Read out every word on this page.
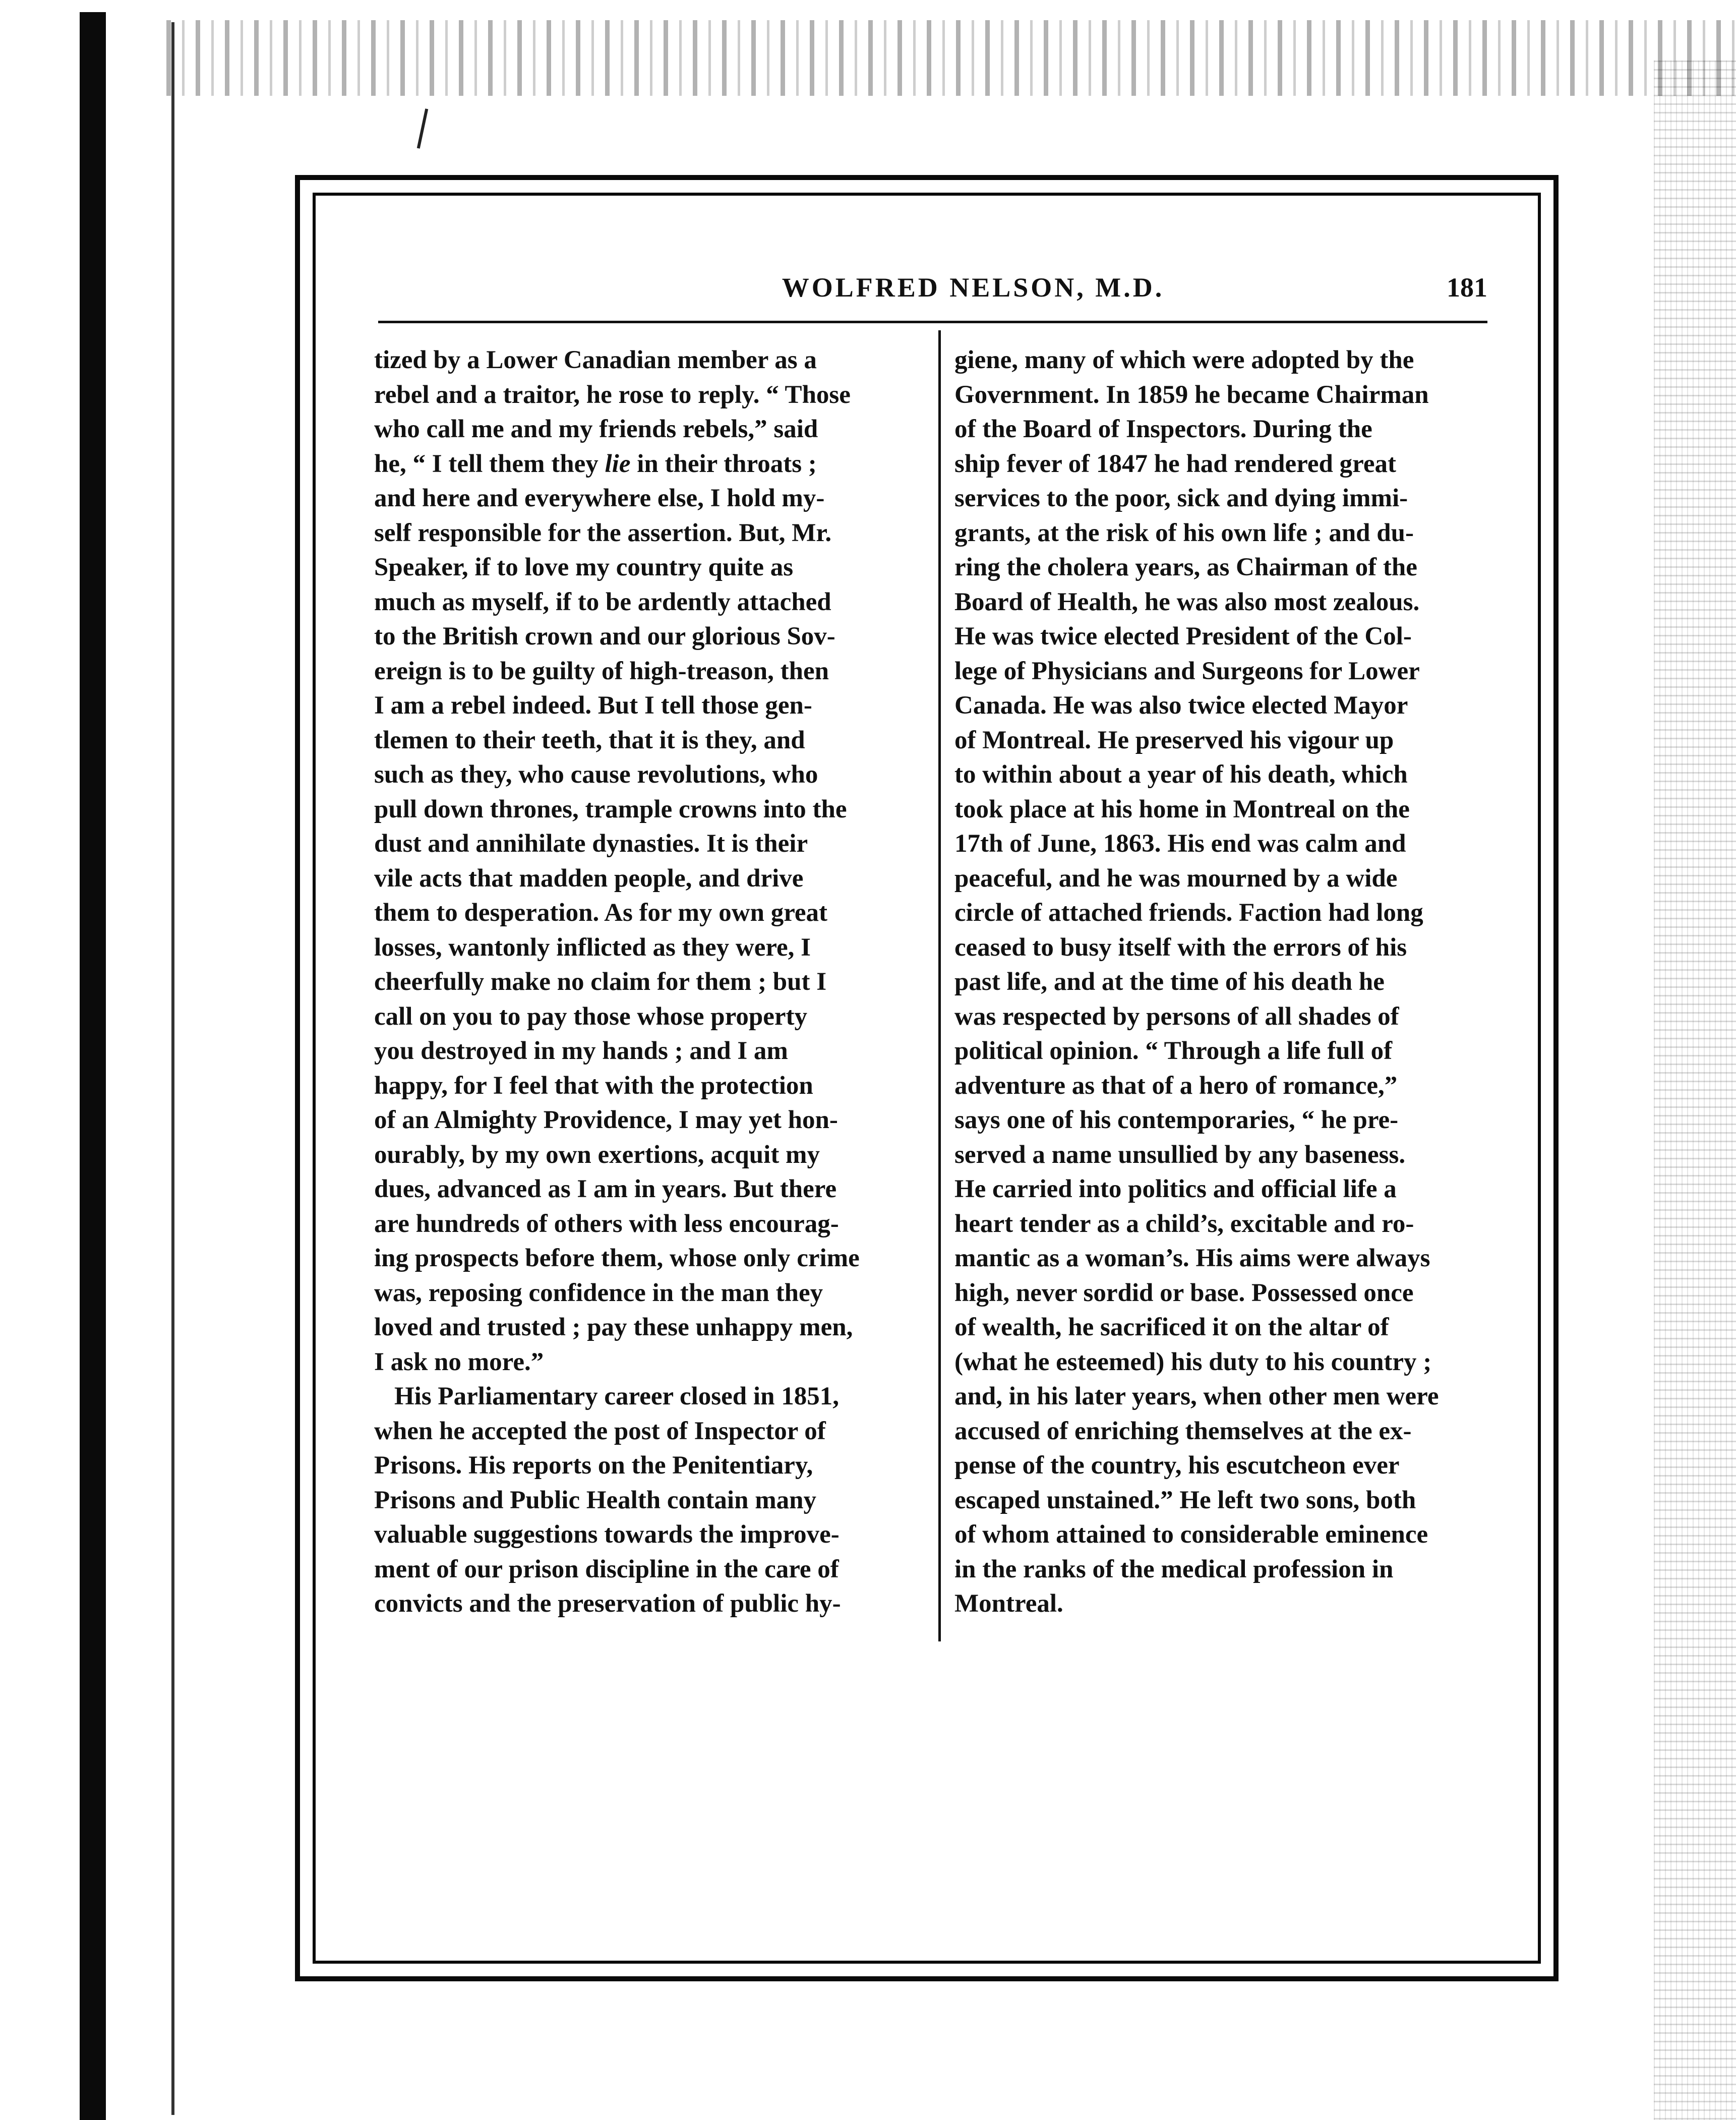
WOLFRED NELSON, M.D.	181
tized by a Lower Canadian member as a
rebel and a traitor, he rose to reply. “ Those
who call me and my friends rebels,” said
he, “ I tell them they lie in their throats ;
and here and everywhere else, I hold my-
self responsible for the assertion. But, Mr.
Speaker, if to love my country quite as
much as myself, if to be ardently attached
to the British crown and our glorious Sov-
ereign is to be guilty of high-treason, then
I am a rebel indeed. But I tell those gen-
tlemen to their teeth, that it is they, and
such as they, who cause revolutions, who
pull down thrones, trample crowns into the
dust and annihilate dynasties. It is their
vile acts that madden people, and drive
them to desperation. As for my own great
losses, wantonly inflicted as they were, I
cheerfully make no claim for them ; but I
call on you to pay those whose property
you destroyed in my hands ; and I am
happy, for I feel that with the protection
of an Almighty Providence, I may yet hon-
ourably, by my own exertions, acquit my
dues, advanced as I am in years. But there
are hundreds of others with less encourag-
ing prospects before them, whose only crime
was, reposing confidence in the man they
loved and trusted ; pay these unhappy men,
I ask no more.”
His Parliamentary career closed in 1851,
when he accepted the post of Inspector of
Prisons. His reports on the Penitentiary,
Prisons and Public Health contain many
valuable suggestions towards the improve-
ment of our prison discipline in the care of
convicts and the preservation of public hy-
giene, many of which were adopted by the
Government. In 1859 he became Chairman
of the Board of Inspectors. During the
ship fever of 1847 he had rendered great
services to the poor, sick and dying immi-
grants, at the risk of his own life ; and du-
ring the cholera years, as Chairman of the
Board of Health, he was also most zealous.
He was twice elected President of the Col-
lege of Physicians and Surgeons for Lower
Canada. He was also twice elected Mayor
of Montreal. He preserved his vigour up
to within about a year of his death, which
took place at his home in Montreal on the
17th of June, 1863. His end was calm and
peaceful, and he was mourned by a wide
circle of attached friends. Faction had long
ceased to busy itself with the errors of his
past life, and at the time of his death he
was respected by persons of all shades of
political opinion. “ Through a life full of
adventure as that of a hero of romance,”
says one of his contemporaries, “ he pre-
served a name unsullied by any baseness.
He carried into politics and official life a
heart tender as a child’s, excitable and ro-
mantic as a woman’s. His aims were always
high, never sordid or base. Possessed once
of wealth, he sacrificed it on the altar of
(what he esteemed) his duty to his country ;
and, in his later years, when other men were
accused of enriching themselves at the ex-
pense of the country, his escutcheon ever
escaped unstained.” He left two sons, both
of whom attained to considerable eminence
in the ranks of the medical profession in
Montreal.
